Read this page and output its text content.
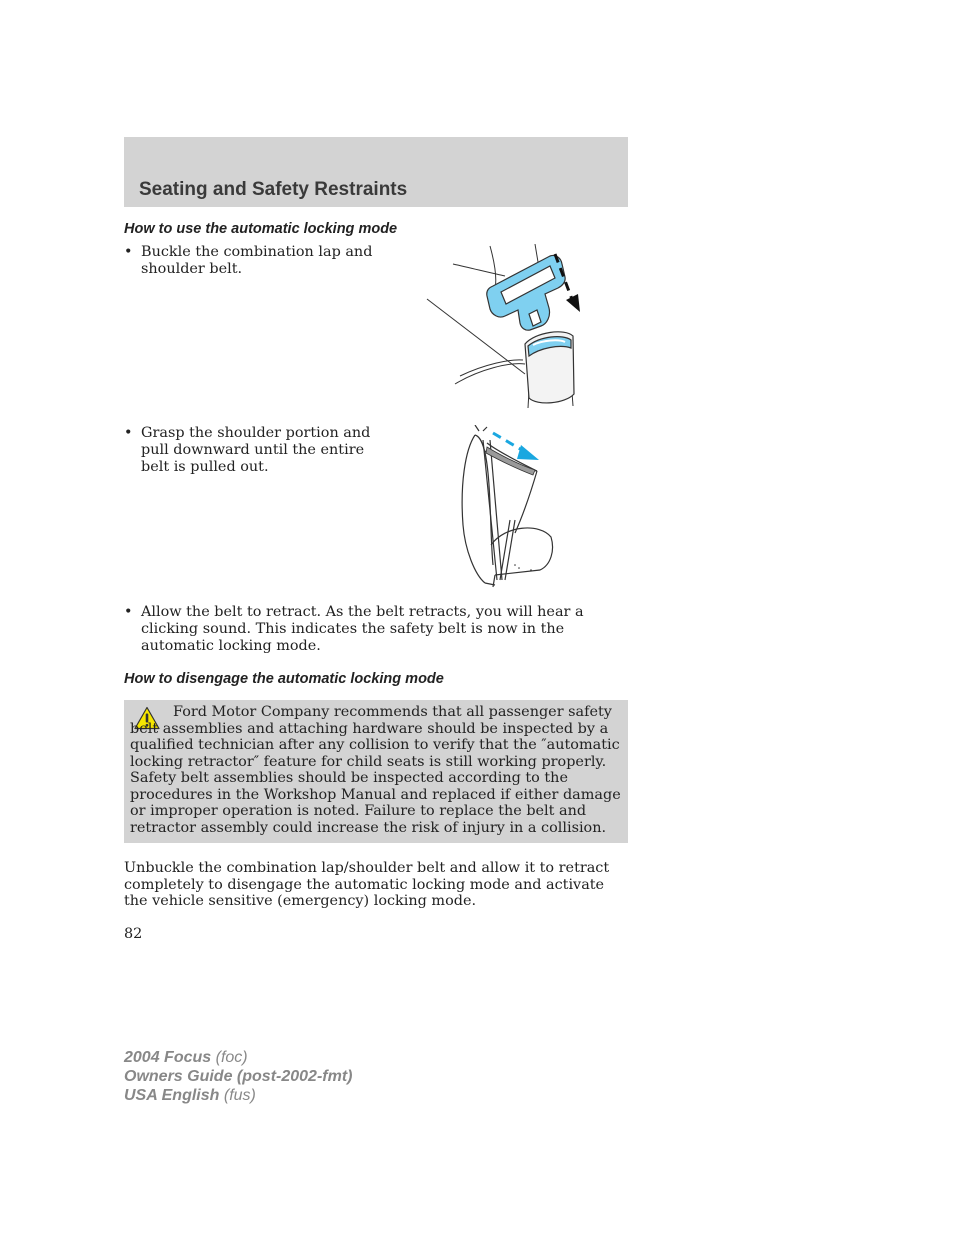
Seating and Safety Restraints
How to use the automatic locking mode
• Buckle the combination lap and shoulder belt.
• Grasp the shoulder portion and pull downward until the entire belt is pulled out.
• Allow the belt to retract. As the belt retracts, you will hear a clicking sound. This indicates the safety belt is now in the automatic locking mode.
How to disengage the automatic locking mode

Ford Motor Company recommends that all passenger safety belt assemblies and attaching hardware should be inspected by a qualified technician after any collision to verify that the ″automatic locking retractor″ feature for child seats is still working properly. Safety belt assemblies should be inspected according to the procedures in the Workshop Manual and replaced if either damage or improper operation is noted. Failure to replace the belt and retractor assembly could increase the risk of injury in a collision.

Unbuckle the combination lap/shoulder belt and allow it to retract completely to disengage the automatic locking mode and activate the vehicle sensitive (emergency) locking mode.

82

2004 Focus (foc)
Owners Guide (post-2002-fmt)
USA English (fus)
